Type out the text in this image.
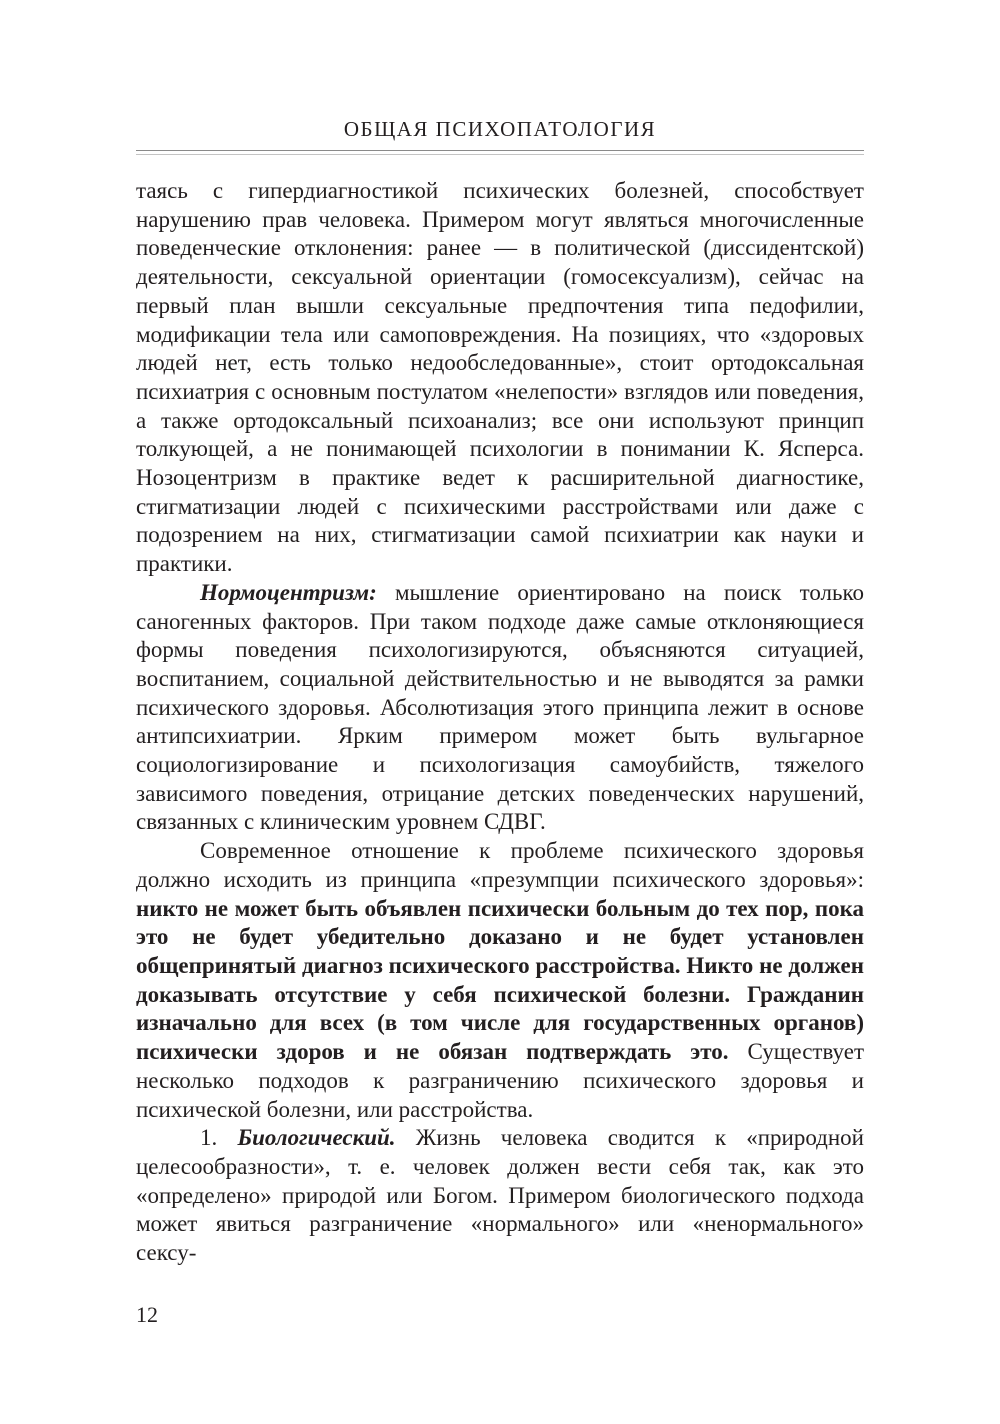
ОБЩАЯ ПСИХОПАТОЛОГИЯ

таясь с гипердиагностикой психических болезней, способствует нарушению прав человека. Примером могут являться многочисленные поведенческие отклонения: ранее — в политической (диссидентской) деятельности, сексуальной ориентации (гомосексуализм), сейчас на первый план вышли сексуальные предпочтения типа педофилии, модификации тела или самоповреждения. На позициях, что «здоровых людей нет, есть только недообследованные», стоит ортодоксальная психиатрия с основным постулатом «нелепости» взглядов или поведения, а также ортодоксальный психоанализ; все они используют принцип толкующей, а не понимающей психологии в понимании К. Ясперса. Нозоцентризм в практике ведет к расширительной диагностике, стигматизации людей с психическими расстройствами или даже с подозрением на них, стигматизации самой психиатрии как науки и практики.

Нормоцентризм: мышление ориентировано на поиск только саногенных факторов. При таком подходе даже самые отклоняющиеся формы поведения психологизируются, объясняются ситуацией, воспитанием, социальной действительностью и не выводятся за рамки психического здоровья. Абсолютизация этого принципа лежит в основе антипсихиатрии. Ярким примером может быть вульгарное социологизирование и психологизация самоубийств, тяжелого зависимого поведения, отрицание детских поведенческих нарушений, связанных с клиническим уровнем СДВГ.

Современное отношение к проблеме психического здоровья должно исходить из принципа «презумпции психического здоровья»: никто не может быть объявлен психически больным до тех пор, пока это не будет убедительно доказано и не будет установлен общепринятый диагноз психического расстройства. Никто не должен доказывать отсутствие у себя психической болезни. Гражданин изначально для всех (в том числе для государственных органов) психически здоров и не обязан подтверждать это. Существует несколько подходов к разграничению психического здоровья и психической болезни, или расстройства.

1. Биологический. Жизнь человека сводится к «природной целесообразности», т. е. человек должен вести себя так, как это «определено» природой или Богом. Примером биологического подхода может явиться разграничение «нормального» или «ненормального» сексу-

12
